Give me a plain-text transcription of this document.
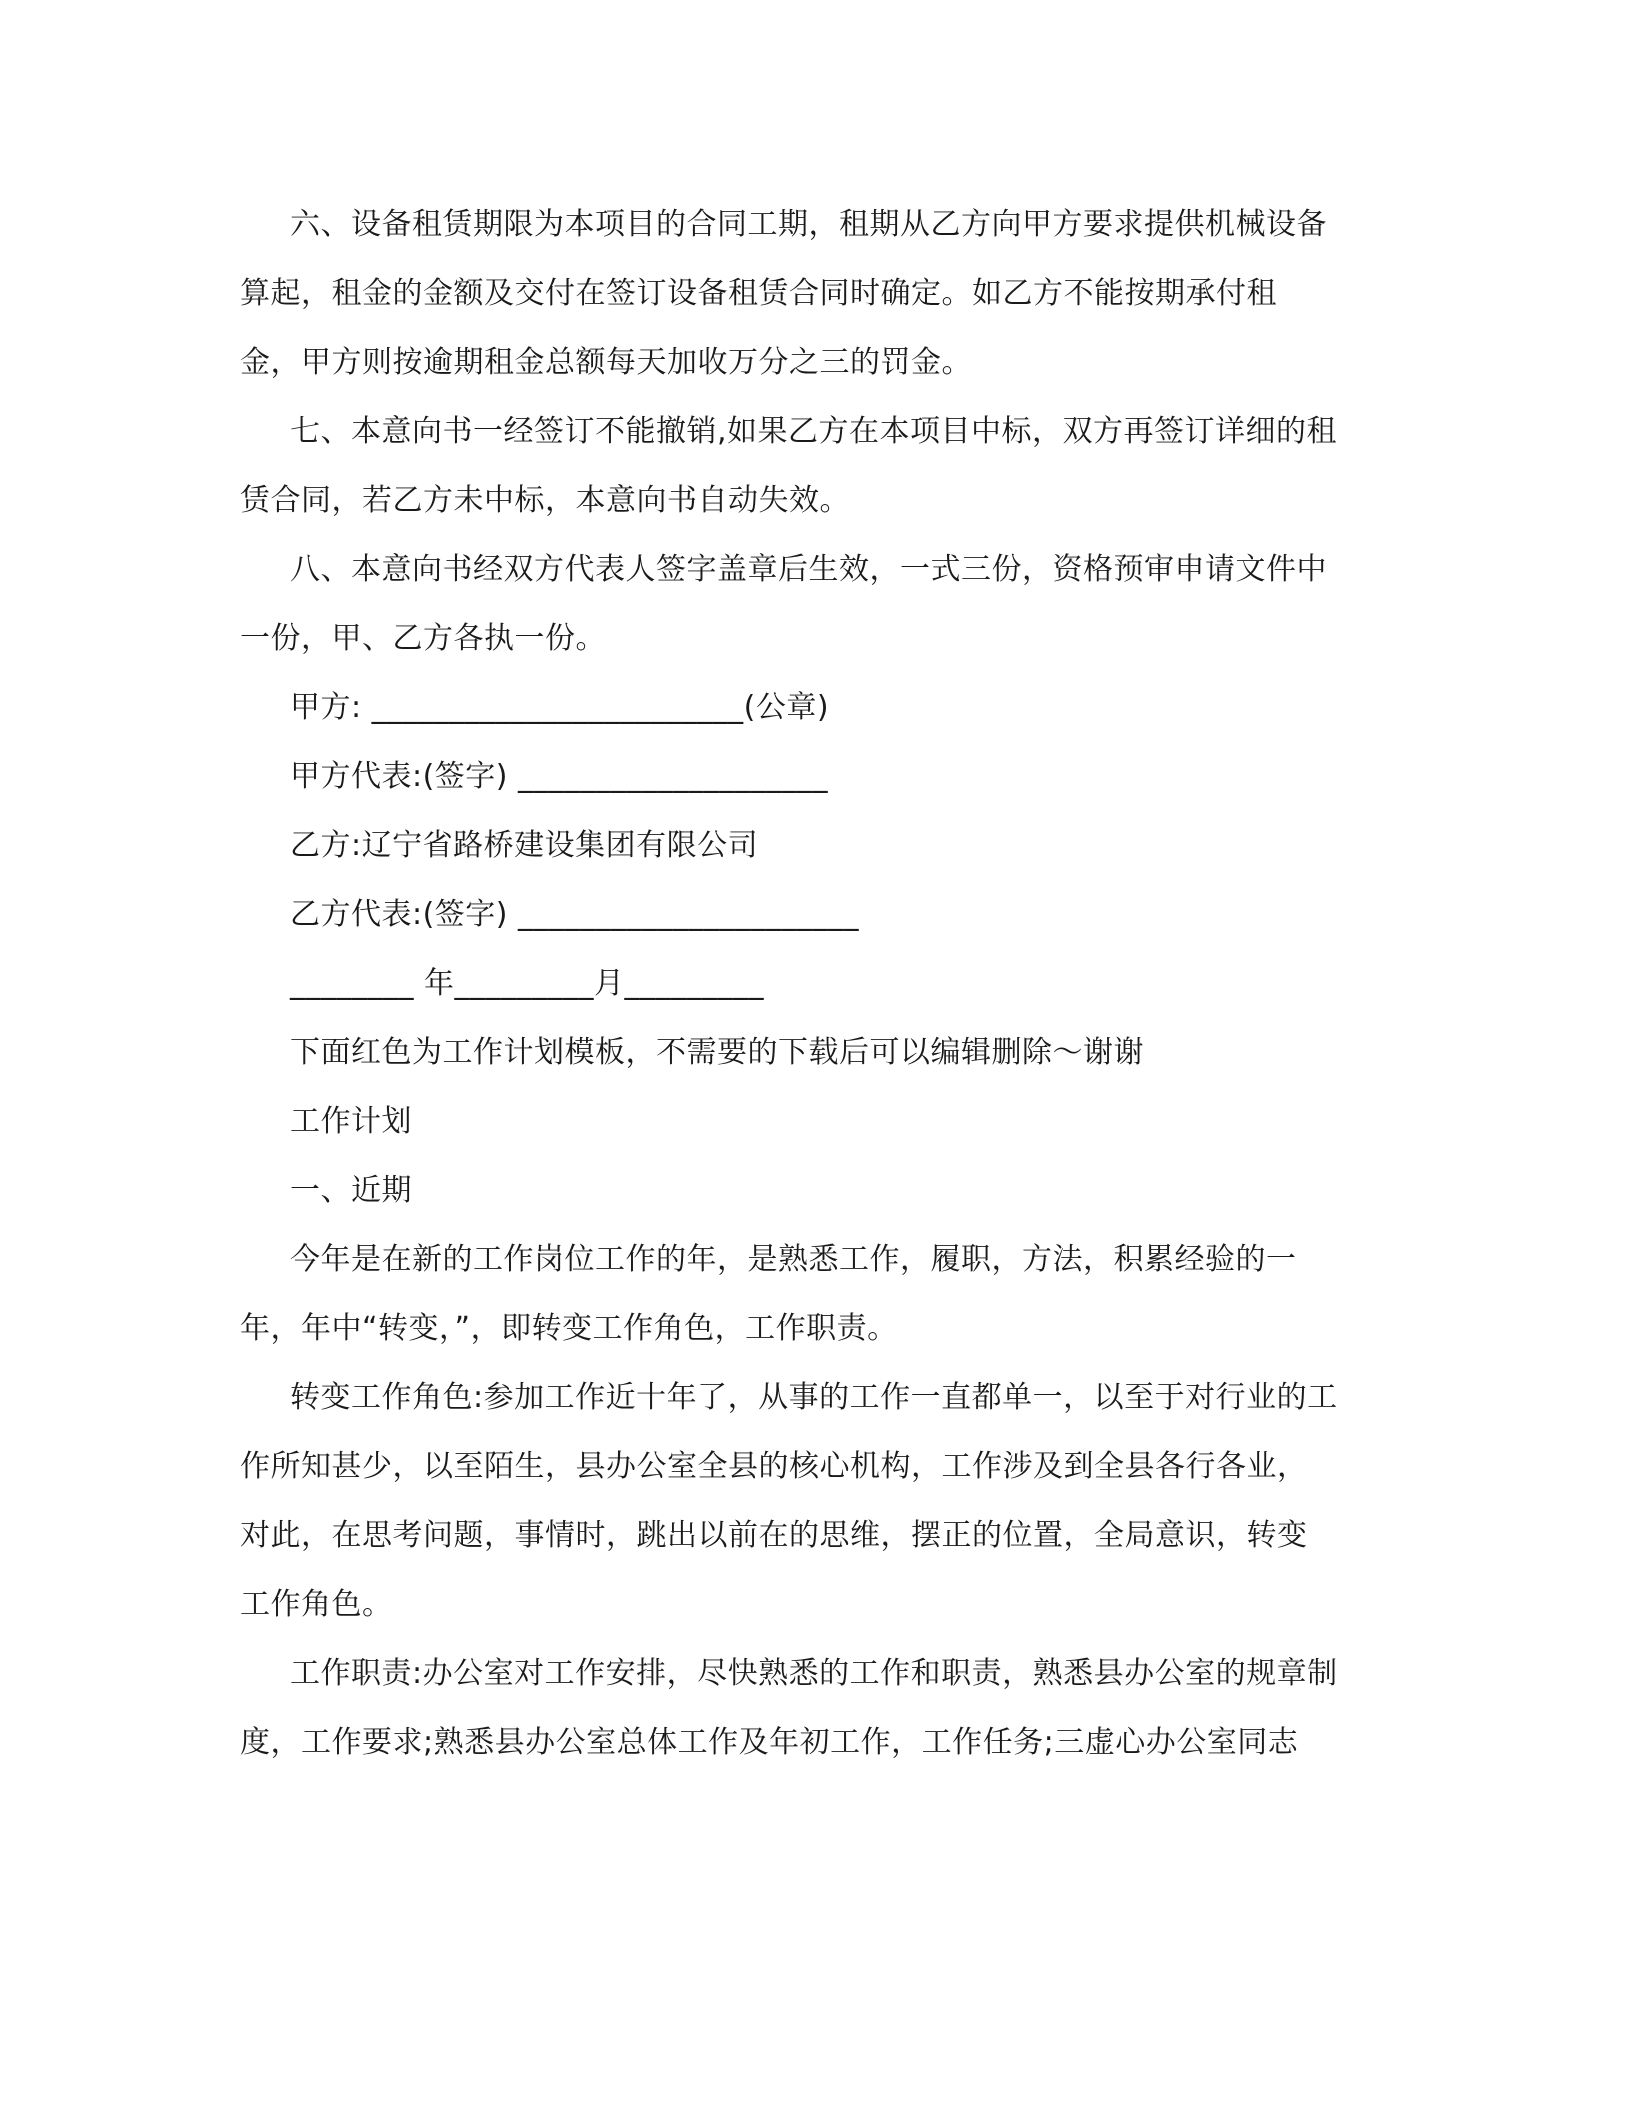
六、设备租赁期限为本项目的合同工期，租期从乙方向甲方要求提供机械设备
算起，租金的金额及交付在签订设备租赁合同时确定。如乙方不能按期承付租
金，甲方则按逾期租金总额每天加收万分之三的罚金。
七、本意向书一经签订不能撤销,如果乙方在本项目中标，双方再签订详细的租
赁合同，若乙方未中标，本意向书自动失效。
八、本意向书经双方代表人签字盖章后生效，一式三份，资格预审申请文件中
一份，甲、乙方各执一份。
甲方: ________________________(公章)
甲方代表:(签字) ____________________
乙方:辽宁省路桥建设集团有限公司
乙方代表:(签字) ______________________
________ 年_________月_________
下面红色为工作计划模板，不需要的下载后可以编辑删除～谢谢
工作计划
一、近期
今年是在新的工作岗位工作的年，是熟悉工作，履职，方法，积累经验的一
年，年中“转变，”，即转变工作角色，工作职责。
转变工作角色:参加工作近十年了，从事的工作一直都单一，以至于对行业的工
作所知甚少，以至陌生，县办公室全县的核心机构，工作涉及到全县各行各业，
对此，在思考问题，事情时，跳出以前在的思维，摆正的位置，全局意识，转变
工作角色。
工作职责:办公室对工作安排，尽快熟悉的工作和职责，熟悉县办公室的规章制
度，工作要求;熟悉县办公室总体工作及年初工作，工作任务;三虚心办公室同志
